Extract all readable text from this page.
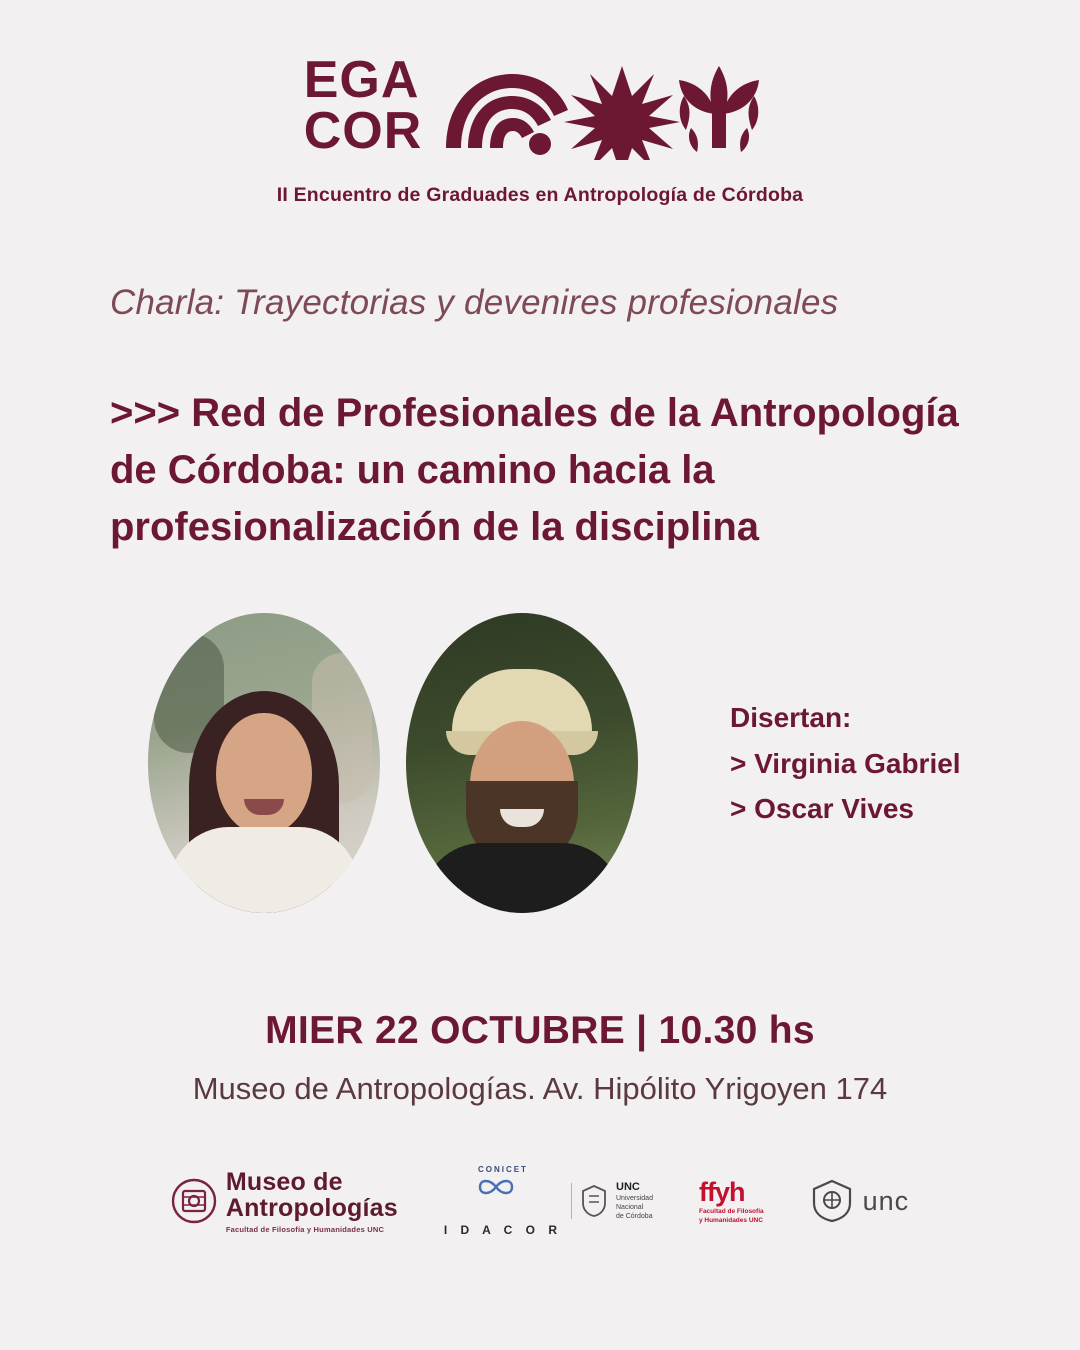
EGA
COR
II Encuentro de Graduades en Antropología de Córdoba
Charla: Trayectorias y devenires profesionales
>>> Red de Profesionales de la Antropología de Córdoba: un camino hacia la profesionalización de la disciplina
Disertan:
> Virginia Gabriel
> Oscar Vives
MIER 22 OCTUBRE | 10.30 hs
Museo de Antropologías. Av. Hipólito Yrigoyen 174
Museo de
Antropologías
Facultad de Filosofía y Humanidades UNC
CONICET
I D A C O R
UNC
Universidad
Nacional
de Córdoba
ffyh
Facultad de Filosofía
y Humanidades UNC
unc
